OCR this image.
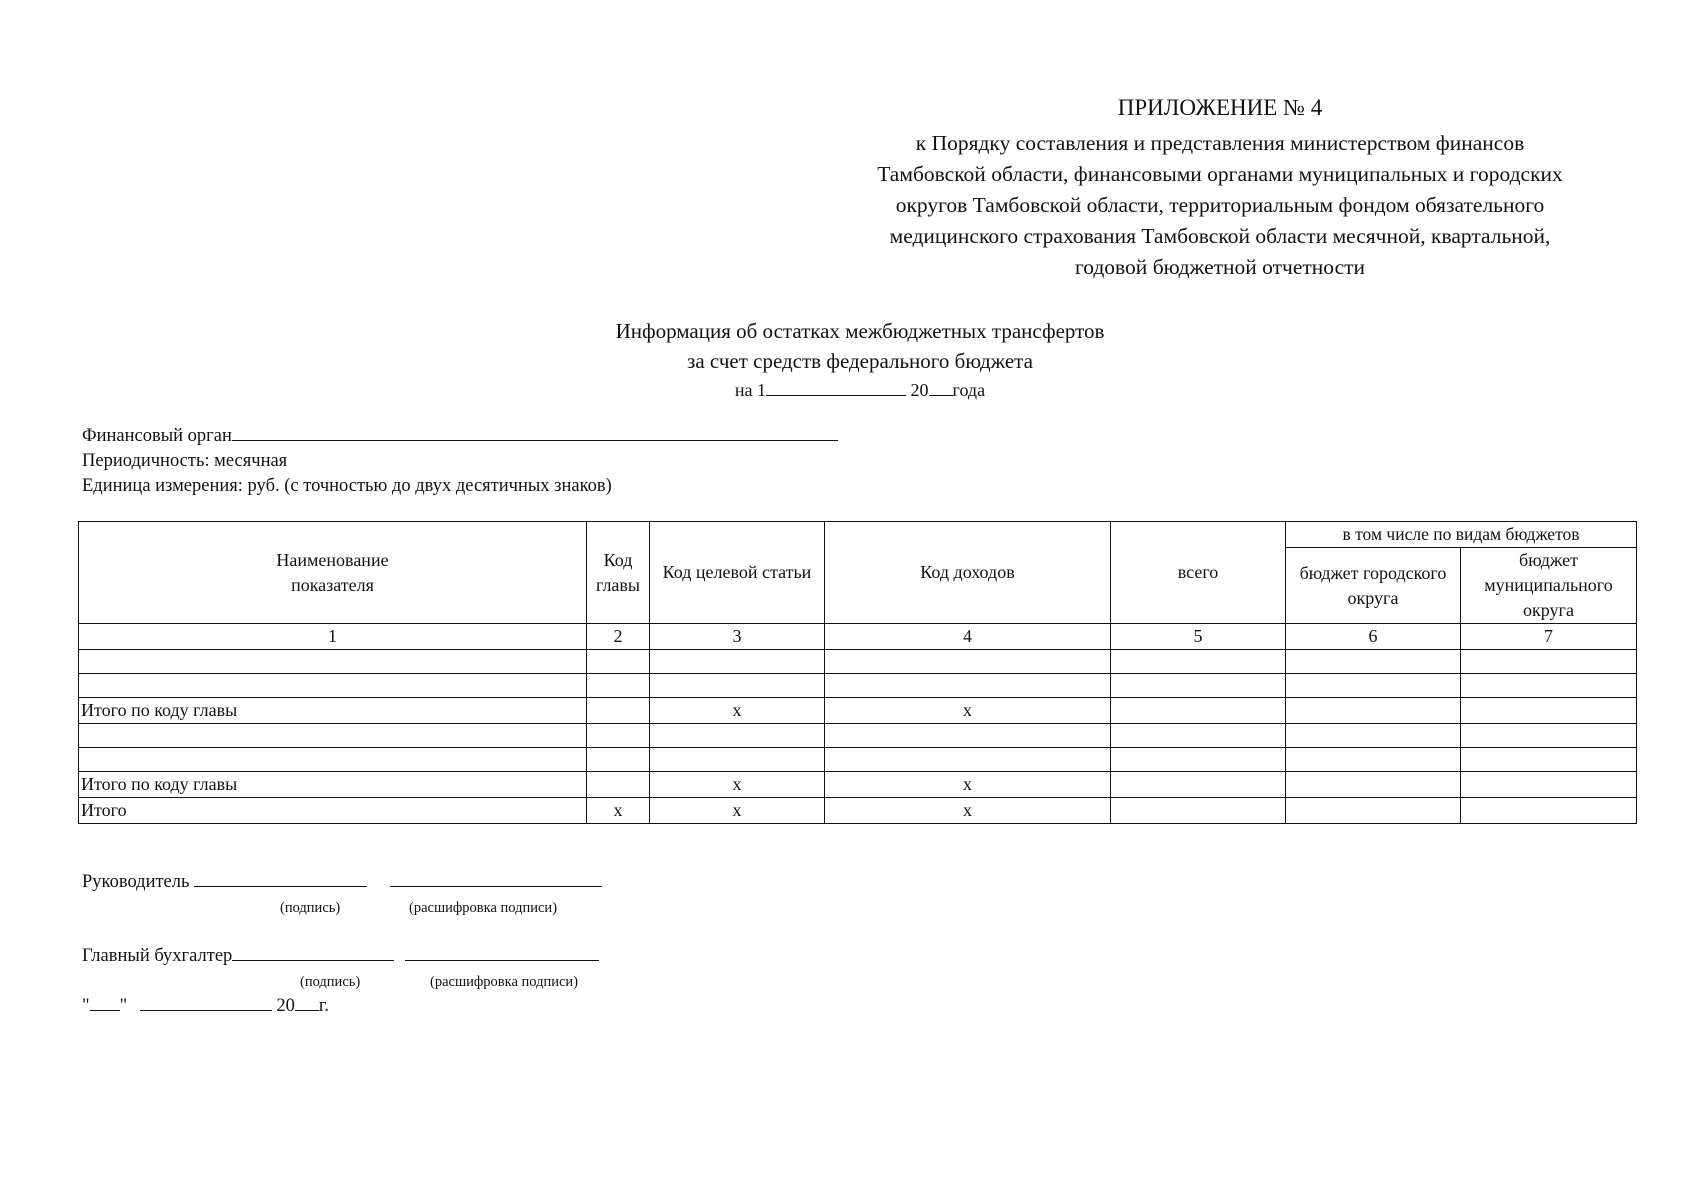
ПРИЛОЖЕНИЕ № 4
к Порядку составления и представления министерством финансов
Тамбовской области, финансовыми органами муниципальных и городских
округов Тамбовской области, территориальным фондом обязательного
медицинского страхования Тамбовской области месячной, квартальной,
годовой бюджетной отчетности
Информация об остатках межбюджетных трансфертов
за счет средств федерального бюджета
на 1	20 года
Финансовый орган
Периодичность: месячная
Единица измерения: руб. (с точностью до двух десятичных знаков)
Наименование показателя	Код главы	Код целевой статьи	Код доходов	всего	в том числе по видам бюджетов	

					бюджет городского округа	бюджет муниципального округа

1	2	3	4	5	6	7

Итого по коду главы		x	x			

Итого по коду главы		x	x			
Итого	x	x	x			
Руководитель
(подпись)	(расшифровка подписи)
Главный бухгалтер
(подпись)	(расшифровка подписи)
" "	20 г.
